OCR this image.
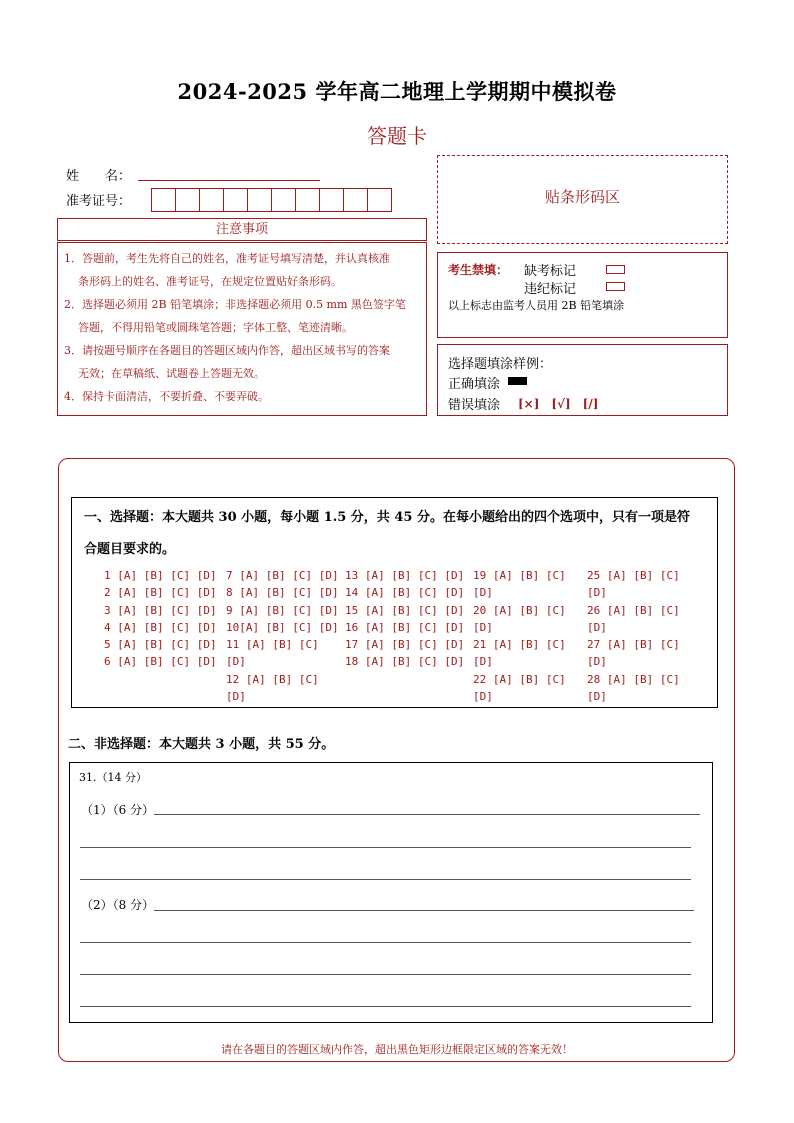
2024-2025 学年高二地理上学期期中模拟卷
答题卡
姓　　名：
准考证号：	贴条形码区
注意事项

1．答题前，考生先将自己的姓名，准考证号填写清楚，并认真核准

条形码上的姓名、准考证号，在规定位置贴好条形码。

2．选择题必须用 2B 铅笔填涂；非选择题必须用 0.5 mm 黑色签字笔

答题，不得用铅笔或圆珠笔答题；字体工整、笔迹清晰。

3．请按题号顺序在各题目的答题区域内作答，超出区域书写的答案

无效；在草稿纸、试题卷上答题无效。

4．保持卡面清洁，不要折叠、不要弄破。

考生禁填： 缺考标记
违纪标记
以上标志由监考人员用 2B 铅笔填涂
选择题填涂样例：
正确填涂
错误填涂 [×]　[√]　[/]
一、选择题：本大题共 30 小题，每小题 1.5 分，共 45 分。在每小题给出的四个选项中，只有一项是符
合题目要求的。
1 [A] [B] [C] [D]
2 [A] [B] [C] [D]
3 [A] [B] [C] [D]
4 [A] [B] [C] [D]
5 [A] [B] [C] [D]
6 [A] [B] [C] [D]
7 [A] [B] [C] [D]
8 [A] [B] [C] [D]
9 [A] [B] [C] [D]
10[A] [B] [C] [D]
11 [A] [B] [C]
[D]
12 [A] [B] [C]
[D]
13 [A] [B] [C] [D]
14 [A] [B] [C] [D]
15 [A] [B] [C] [D]
16 [A] [B] [C] [D]
17 [A] [B] [C] [D]
18 [A] [B] [C] [D]
19 [A] [B] [C]
[D]
20 [A] [B] [C]
[D]
21 [A] [B] [C]
[D]
22 [A] [B] [C]
[D]
25 [A] [B] [C]
[D]
26 [A] [B] [C]
[D]
27 [A] [B] [C]
[D]
28 [A] [B] [C]
[D]
二、非选择题：本大题共 3 小题，共 55 分。
31.（14 分）
（1）（6 分）
（2）（8 分）
请在各题目的答题区域内作答，超出黑色矩形边框限定区域的答案无效！
